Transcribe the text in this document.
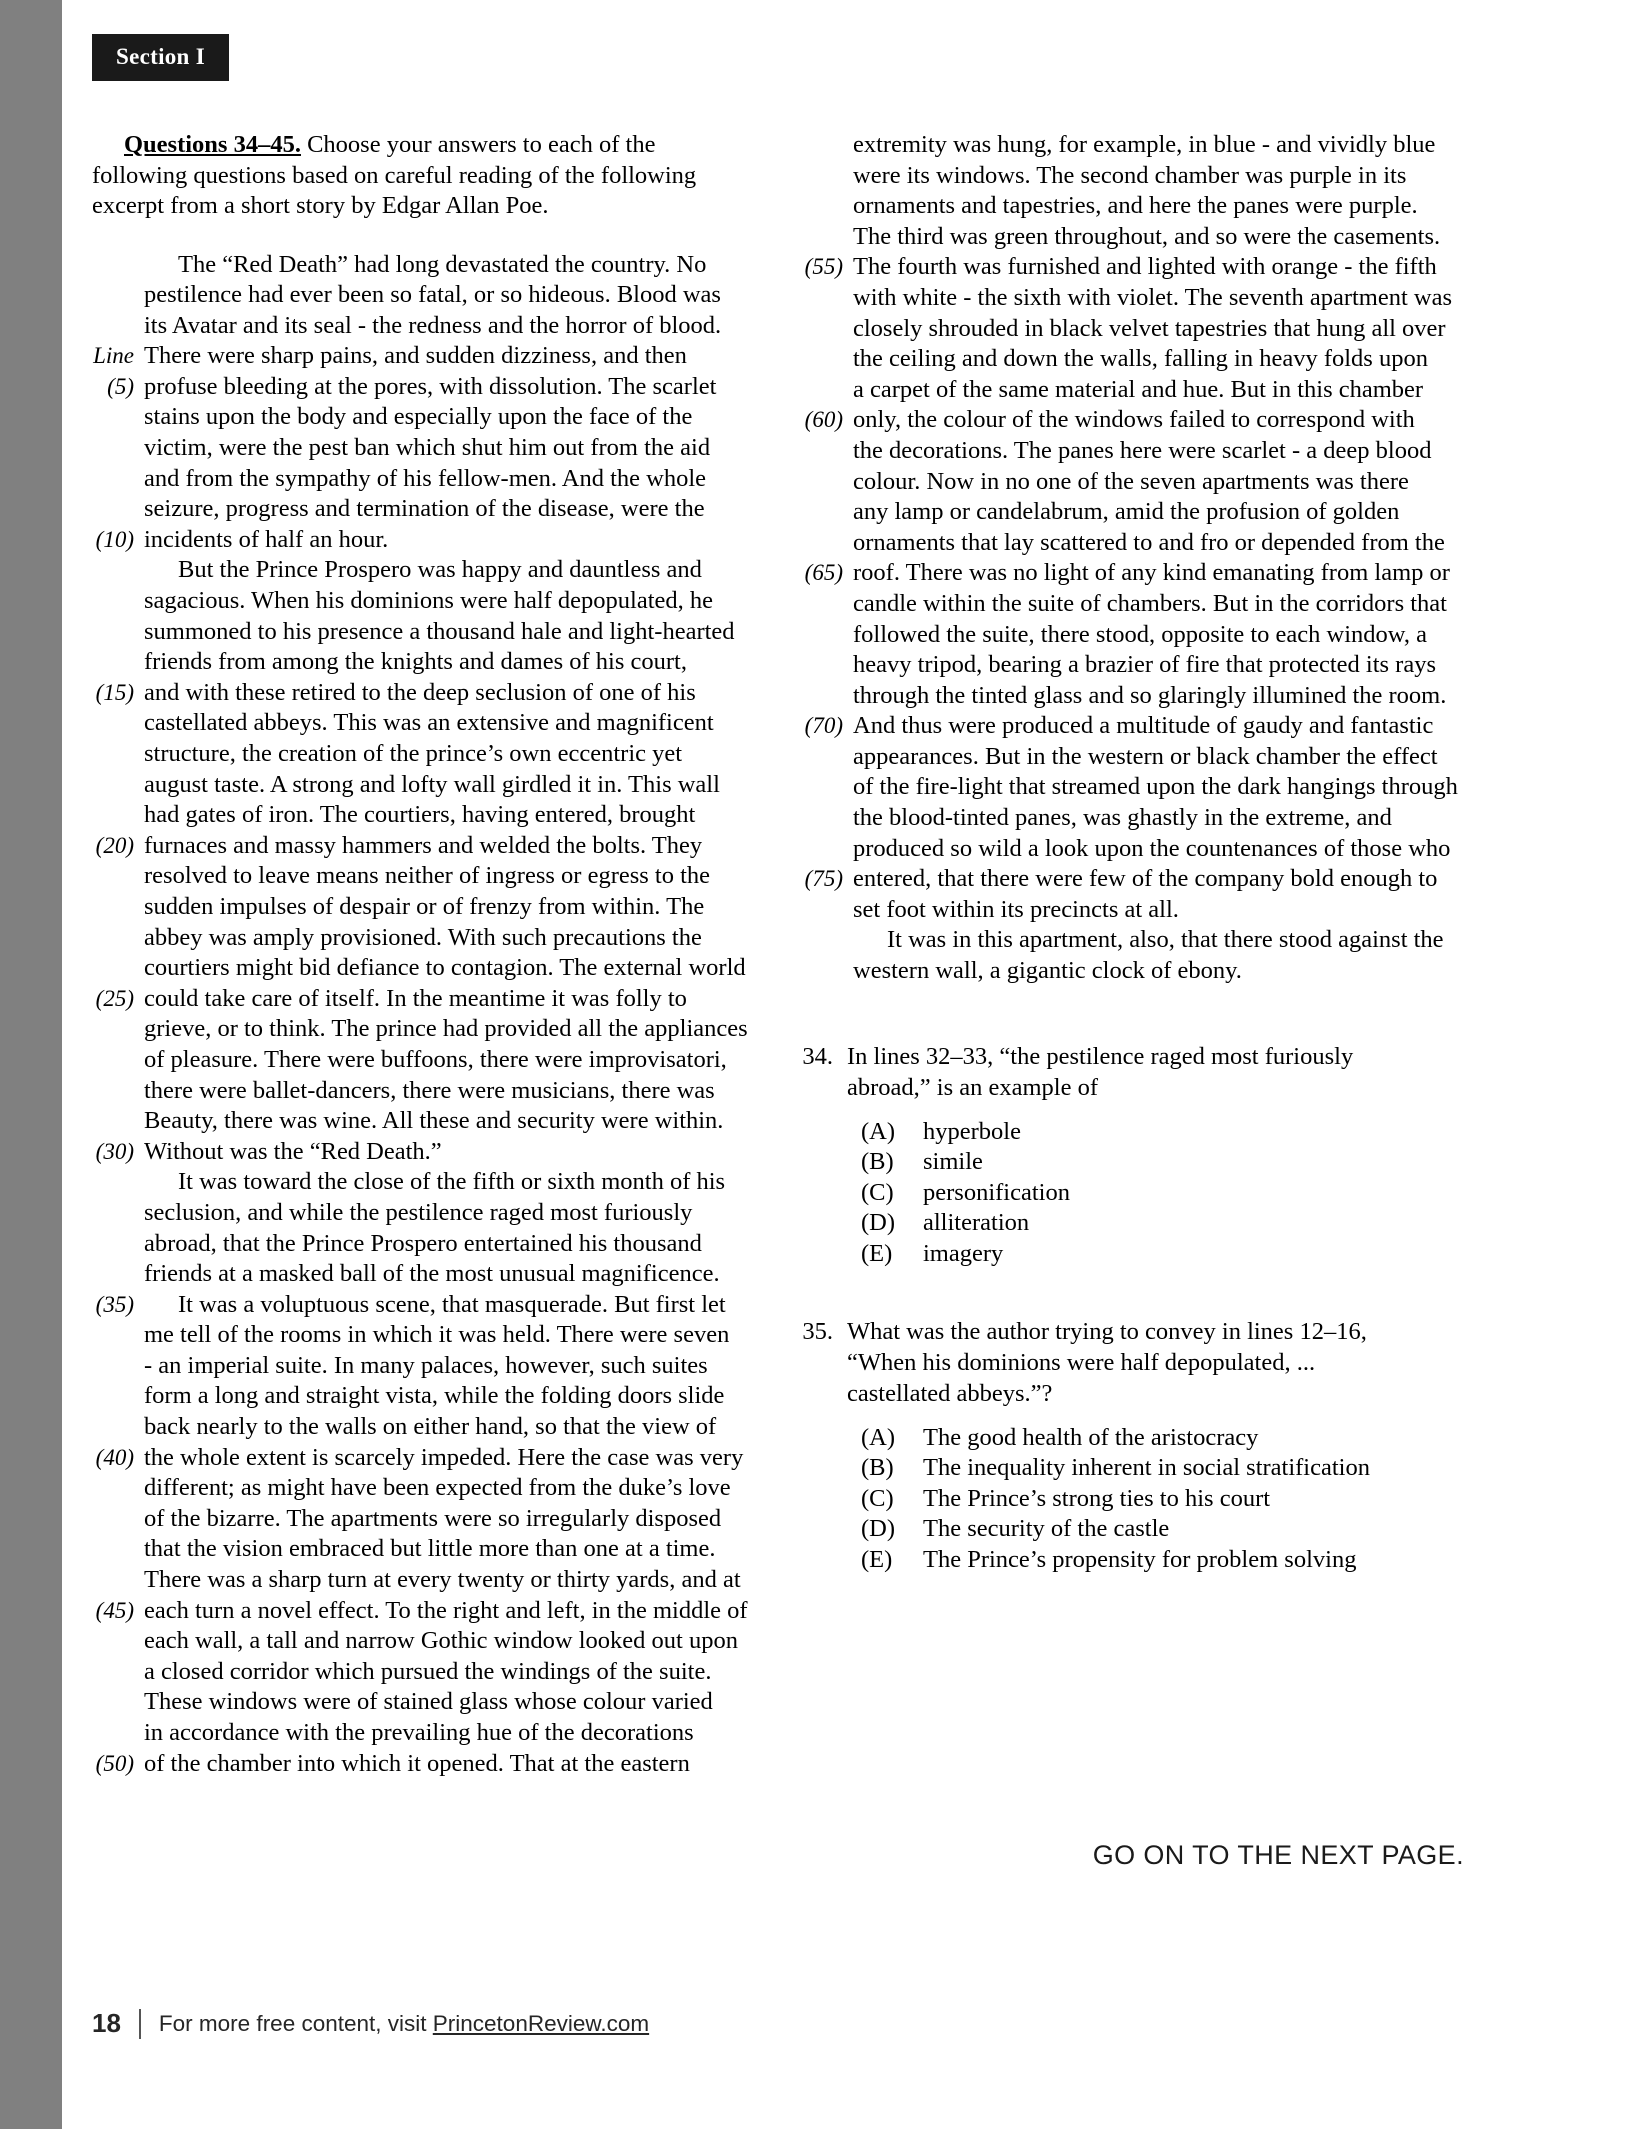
Section I

Questions 34–45. Choose your answers to each of the following questions based on careful reading of the following excerpt from a short story by Edgar Allan Poe.

The “Red Death” had long devastated the country. No
pestilence had ever been so fatal, or so hideous. Blood was
its Avatar and its seal - the redness and the horror of blood.
Line There were sharp pains, and sudden dizziness, and then
(5) profuse bleeding at the pores, with dissolution. The scarlet
stains upon the body and especially upon the face of the
victim, were the pest ban which shut him out from the aid
and from the sympathy of his fellow-men. And the whole
seizure, progress and termination of the disease, were the
(10) incidents of half an hour.
But the Prince Prospero was happy and dauntless and
sagacious. When his dominions were half depopulated, he
summoned to his presence a thousand hale and light-hearted
friends from among the knights and dames of his court,
(15) and with these retired to the deep seclusion of one of his
castellated abbeys. This was an extensive and magnificent
structure, the creation of the prince’s own eccentric yet
august taste. A strong and lofty wall girdled it in. This wall
had gates of iron. The courtiers, having entered, brought
(20) furnaces and massy hammers and welded the bolts. They
resolved to leave means neither of ingress or egress to the
sudden impulses of despair or of frenzy from within. The
abbey was amply provisioned. With such precautions the
courtiers might bid defiance to contagion. The external world
(25) could take care of itself. In the meantime it was folly to
grieve, or to think. The prince had provided all the appliances
of pleasure. There were buffoons, there were improvisatori,
there were ballet-dancers, there were musicians, there was
Beauty, there was wine. All these and security were within.
(30) Without was the “Red Death.”
It was toward the close of the fifth or sixth month of his
seclusion, and while the pestilence raged most furiously
abroad, that the Prince Prospero entertained his thousand
friends at a masked ball of the most unusual magnificence.
(35)	It was a voluptuous scene, that masquerade. But first let
me tell of the rooms in which it was held. There were seven
- an imperial suite. In many palaces, however, such suites
form a long and straight vista, while the folding doors slide
back nearly to the walls on either hand, so that the view of
(40) the whole extent is scarcely impeded. Here the case was very
different; as might have been expected from the duke’s love
of the bizarre. The apartments were so irregularly disposed
that the vision embraced but little more than one at a time.
There was a sharp turn at every twenty or thirty yards, and at
(45) each turn a novel effect. To the right and left, in the middle of
each wall, a tall and narrow Gothic window looked out upon
a closed corridor which pursued the windings of the suite.
These windows were of stained glass whose colour varied
in accordance with the prevailing hue of the decorations
(50) of the chamber into which it opened. That at the eastern
extremity was hung, for example, in blue - and vividly blue
were its windows. The second chamber was purple in its
ornaments and tapestries, and here the panes were purple.
The third was green throughout, and so were the casements.
(55) The fourth was furnished and lighted with orange - the fifth
with white - the sixth with violet. The seventh apartment was
closely shrouded in black velvet tapestries that hung all over
the ceiling and down the walls, falling in heavy folds upon
a carpet of the same material and hue. But in this chamber
(60) only, the colour of the windows failed to correspond with
the decorations. The panes here were scarlet - a deep blood
colour. Now in no one of the seven apartments was there
any lamp or candelabrum, amid the profusion of golden
ornaments that lay scattered to and fro or depended from the
(65) roof. There was no light of any kind emanating from lamp or
candle within the suite of chambers. But in the corridors that
followed the suite, there stood, opposite to each window, a
heavy tripod, bearing a brazier of fire that protected its rays
through the tinted glass and so glaringly illumined the room.
(70) And thus were produced a multitude of gaudy and fantastic
appearances. But in the western or black chamber the effect
of the fire-light that streamed upon the dark hangings through
the blood-tinted panes, was ghastly in the extreme, and
produced so wild a look upon the countenances of those who
(75) entered, that there were few of the company bold enough to
set foot within its precincts at all.
It was in this apartment, also, that there stood against the
western wall, a gigantic clock of ebony.
34. In lines 32–33, “the pestilence raged most furiously
abroad,” is an example of
(A)	hyperbole
(B)	simile
(C)	personification
(D)	alliteration
(E)	imagery
35. What was the author trying to convey in lines 12–16,
“When his dominions were half depopulated, ...
castellated abbeys.”?
(A)	The good health of the aristocracy
(B)	The inequality inherent in social stratification
(C)	The Prince’s strong ties to his court
(D)	The security of the castle
(E)	The Prince’s propensity for problem solving
GO ON TO THE NEXT PAGE.
18 For more free content, visit PrincetonReview.com
